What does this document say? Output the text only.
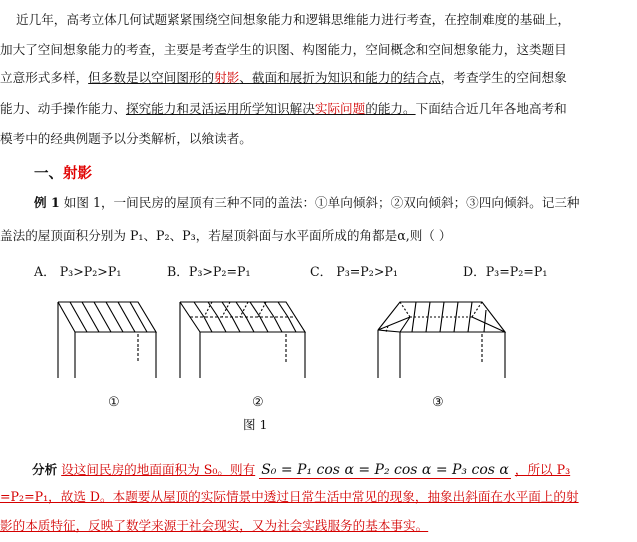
近几年，高考立体几何试题紧紧围绕空间想象能力和逻辑思维能力进行考查，在控制难度的基础上，
加大了空间想象能力的考查，主要是考查学生的识图、构图能力，空间概念和空间想象能力，这类题目
立意形式多样，但多数是以空间图形的射影、截面和展折为知识和能力的结合点，考查学生的空间想象
能力、动手操作能力、探究能力和灵活运用所学知识解决实际问题的能力。下面结合近几年各地高考和
模考中的经典例题予以分类解析，以飨读者。
一、射影
例 1 如图 1，一间民房的屋顶有三种不同的盖法：①单向倾斜；②双向倾斜；③四向倾斜。记三种
盖法的屋顶面积分别为 P₁、P₂、P₃，若屋顶斜面与水平面所成的角都是α,则（ ）
A． P₃>P₂>P₁	B．P₃>P₂=P₁	C． P₃=P₂>P₁	D．P₃=P₂=P₁
①	②	③
图 1
分析 设这间民房的地面面积为 S₀。则有 S₀ = P₁ cos α = P₂ cos α = P₃ cos α ，所以 P₃
=P₂=P₁，故选 D。本题要从屋顶的实际情景中透过日常生活中常见的现象，抽象出斜面在水平面上的射
影的本质特征，反映了数学来源于社会现实，又为社会实践服务的基本事实。
